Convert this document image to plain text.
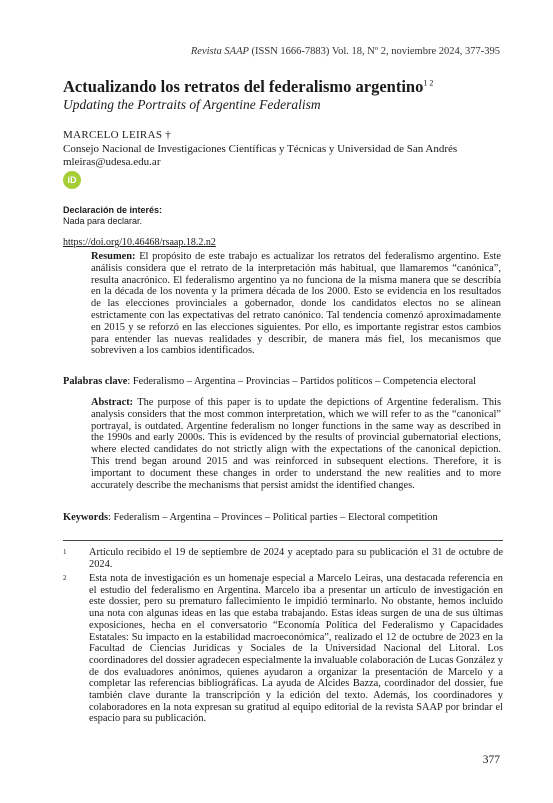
Revista SAAP (ISSN 1666-7883) Vol. 18, Nº 2, noviembre 2024, 377-395
Actualizando los retratos del federalismo argentino$^{1 2}$
Updating the Portraits of Argentine Federalism
MARCELO LEIRAS †
Consejo Nacional de Investigaciones Científicas y Técnicas y Universidad de San Andrés
mleiras@udesa.edu.ar
iD
Declaración de interés:
Nada para declarar.
https://doi.org/10.46468/rsaap.18.2.n2
Resumen: El propósito de este trabajo es actualizar los retratos del federalismo argentino. Este análisis considera que el retrato de la interpretación más habitual, que llamaremos “canónica”, resulta anacrónico. El federalismo argentino ya no funciona de la misma manera que se describía en la década de los noventa y la primera década de los 2000. Esto se evidencia en los resultados de las elecciones provinciales a gobernador, donde los candidatos electos no se alinean estrictamente con las expectativas del retrato canónico. Tal tendencia comenzó aproximadamente en 2015 y se reforzó en las elecciones siguientes. Por ello, es importante registrar estos cambios para entender las nuevas realidades y describir, de manera más fiel, los mecanismos que sobreviven a los cambios identificados.
Palabras clave: Federalismo – Argentina – Provincias – Partidos políticos – Competencia electoral
Abstract: The purpose of this paper is to update the depictions of Argentine federalism. This analysis considers that the most common interpretation, which we will refer to as the “canonical” portrayal, is outdated. Argentine federalism no longer functions in the same way as described in the 1990s and early 2000s. This is evidenced by the results of provincial gubernatorial elections, where elected candidates do not strictly align with the expectations of the canonical depiction. This trend began around 2015 and was reinforced in subsequent elections. Therefore, it is important to document these changes in order to understand the new realities and to more accurately describe the mechanisms that persist amidst the identified changes.
Keywords: Federalism – Argentina – Provinces – Political parties – Electoral competition
1 Artículo recibido el 19 de septiembre de 2024 y aceptado para su publicación el 31 de octubre de 2024.
2 Esta nota de investigación es un homenaje especial a Marcelo Leiras, una destacada referencia en el estudio del federalismo en Argentina. Marcelo iba a presentar un artículo de investigación en este dossier, pero su prematuro fallecimiento le impidió terminarlo. No obstante, hemos incluido una nota con algunas ideas en las que estaba trabajando. Estas ideas surgen de una de sus últimas exposiciones, hecha en el conversatorio “Economía Política del Federalismo y Capacidades Estatales: Su impacto en la estabilidad macroeconómica”, realizado el 12 de octubre de 2023 en la Facultad de Ciencias Jurídicas y Sociales de la Universidad Nacional del Litoral. Los coordinadores del dossier agradecen especialmente la invaluable colaboración de Lucas González y de dos evaluadores anónimos, quienes ayudaron a organizar la presentación de Marcelo y a completar las referencias bibliográficas. La ayuda de Alcides Bazza, coordinador del dossier, fue también clave durante la transcripción y la edición del texto. Además, los coordinadores y colaboradores en la nota expresan su gratitud al equipo editorial de la revista SAAP por brindar el espacio para su publicación.
377
